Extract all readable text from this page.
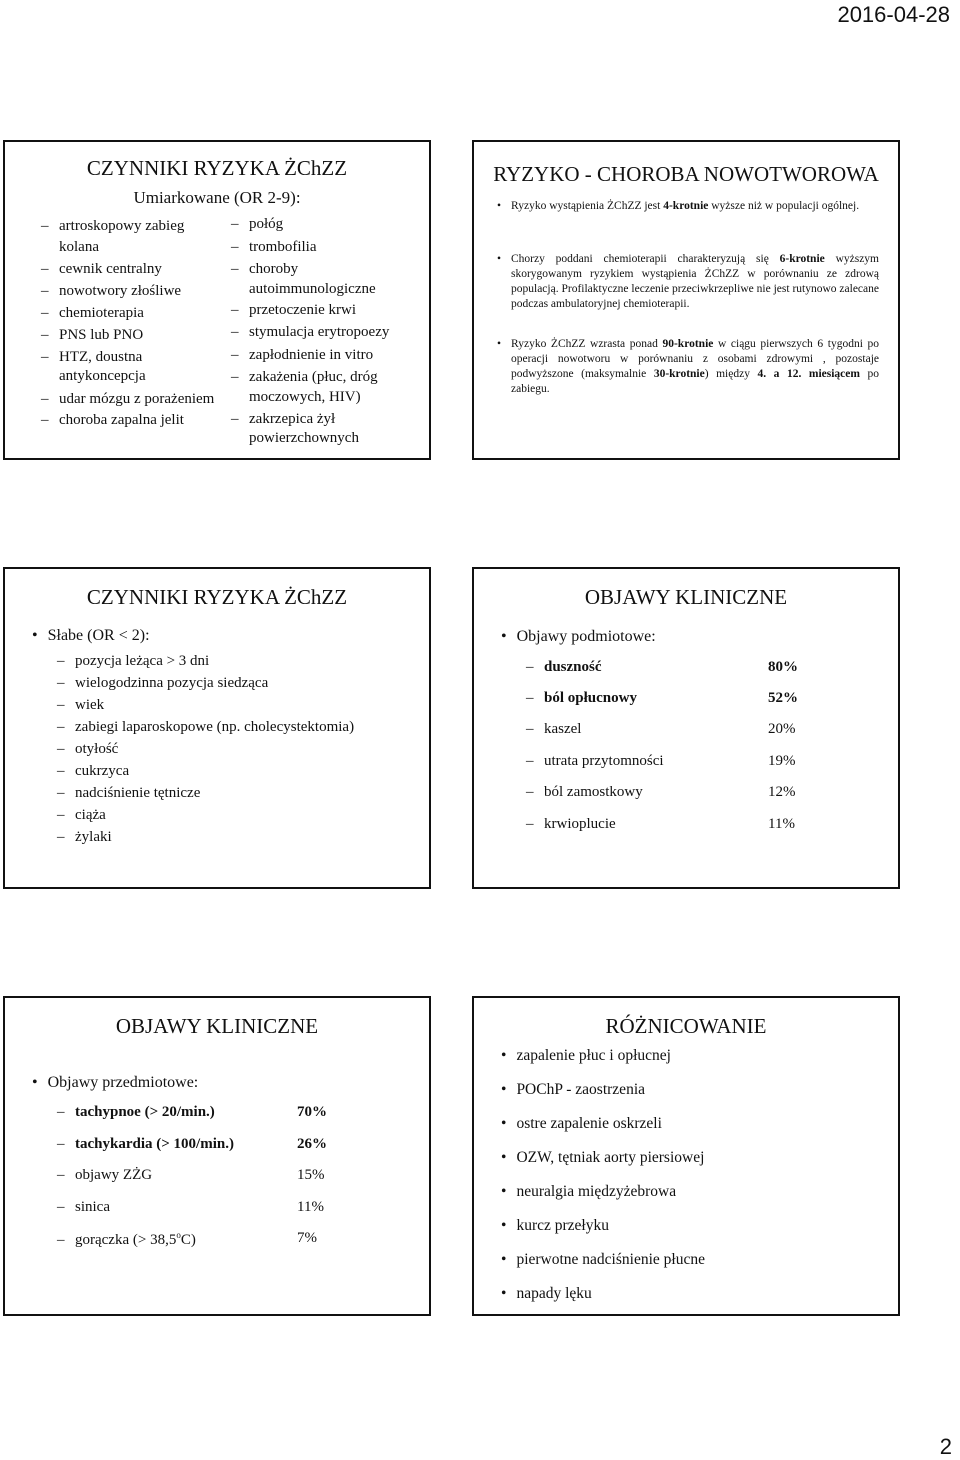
2016-04-28
CZYNNIKI RYZYKA ŻChZZ
Umiarkowane (OR 2-9):
– artroskopowy zabieg
kolana
– cewnik centralny
– nowotwory złośliwe
– chemioterapia
– PNS lub PNO
– HTZ, doustna
antykoncepcja
– udar mózgu z porażeniem
– choroba zapalna jelit
– połóg
– trombofilia
– choroby
autoimmunologiczne
– przetoczenie krwi
– stymulacja erytropoezy
– zapłodnienie in vitro
– zakażenia (płuc, dróg
moczowych, HIV)
– zakrzepica żył
powierzchownych
RYZYKO - CHOROBA NOWOTWOROWA
• Ryzyko wystąpienia ŻChZZ jest 4-krotnie wyższe niż w populacji ogólnej.
• Chorzy poddani chemioterapii charakteryzują się 6-krotnie wyższym skorygowanym ryzykiem wystąpienia ŻChZZ w porównaniu ze zdrową populacją. Profilaktyczne leczenie przeciwkrzepliwe nie jest rutynowo zalecane podczas ambulatoryjnej chemioterapii.
• Ryzyko ŻChZZ wzrasta ponad 90-krotnie w ciągu pierwszych 6 tygodni po operacji nowotworu w porównaniu z osobami zdrowymi , pozostaje podwyższone (maksymalnie 30-krotnie) między 4. a 12. miesiącem po zabiegu.
CZYNNIKI RYZYKA ŻChZZ
• Słabe (OR < 2):
– pozycja leżąca > 3 dni
– wielogodzinna pozycja siedząca
– wiek
– zabiegi laparoskopowe (np. cholecystektomia)
– otyłość
– cukrzyca
– nadciśnienie tętnicze
– ciąża
– żylaki
OBJAWY KLINICZNE
• Objawy podmiotowe:
– duszność	80%
– ból opłucnowy	52%
– kaszel	20%
– utrata przytomności	19%
– ból zamostkowy	12%
– krwioplucie	11%
OBJAWY KLINICZNE
• Objawy przedmiotowe:
– tachypnoe (> 20/min.)	70%
– tachykardia (> 100/min.)	26%
– objawy ZŻG	15%
– sinica	11%
– gorączka (> $38,5^oC$)	7%
RÓŻNICOWANIE
• zapalenie płuc i opłucnej
• POChP - zaostrzenia
• ostre zapalenie oskrzeli
• OZW, tętniak aorty piersiowej
• neuralgia międzyżebrowa
• kurcz przełyku
• pierwotne nadciśnienie płucne
• napady lęku
2
